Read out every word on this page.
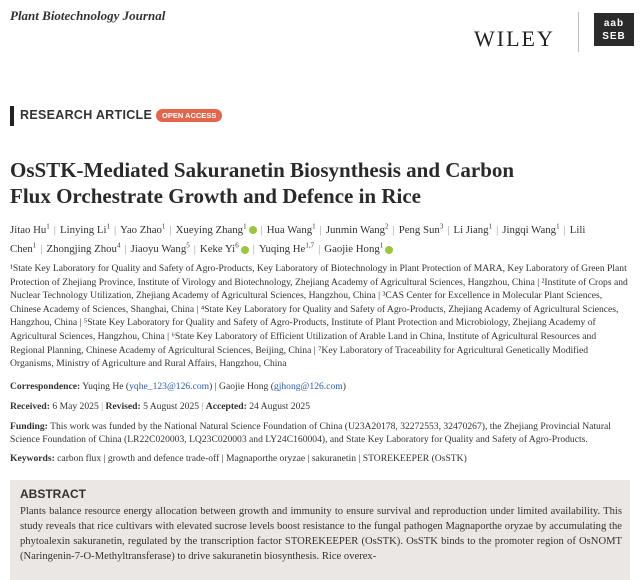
Plant Biotechnology Journal
WILEY
aab
SEB
RESEARCH ARTICLE	OPEN ACCESS
OsSTK-Mediated Sakuranetin Biosynthesis and Carbon
Flux Orchestrate Growth and Defence in Rice
Jitao Hu$^1$ | Linying Li$^1$ | Yao Zhao$^1$ | Xueying Zhang$^1$ | Hua Wang$^1$ | Junmin Wang$^2$ | Peng Sun$^3$ | Li Jiang$^1$ | Jingqi Wang$^1$ | Lili Chen$^1$ | Zhongjing Zhou$^4$ | Jiaoyu Wang$^5$ | Keke Yi$^6$ | Yuqing He$^{1,7}$ | Gaojie Hong$^1$
¹State Key Laboratory for Quality and Safety of Agro-Products, Key Laboratory of Biotechnology in Plant Protection of MARA, Key Laboratory of Green Plant Protection of Zhejiang Province, Institute of Virology and Biotechnology, Zhejiang Academy of Agricultural Sciences, Hangzhou, China | ²Institute of Crops and Nuclear Technology Utilization, Zhejiang Academy of Agricultural Sciences, Hangzhou, China | ³CAS Center for Excellence in Molecular Plant Sciences, Chinese Academy of Sciences, Shanghai, China | ⁴State Key Laboratory for Quality and Safety of Agro-Products, Zhejiang Academy of Agricultural Sciences, Hangzhou, China | ⁵State Key Laboratory for Quality and Safety of Agro-Products, Institute of Plant Protection and Microbiology, Zhejiang Academy of Agricultural Sciences, Hangzhou, China | ⁶State Key Laboratory of Efficient Utilization of Arable Land in China, Institute of Agricultural Resources and Regional Planning, Chinese Academy of Agricultural Sciences, Beijing, China | ⁷Key Laboratory of Traceability for Agricultural Genetically Modified Organisms, Ministry of Agriculture and Rural Affairs, Hangzhou, China
Correspondence: Yuqing He (yqhe_123@126.com) | Gaojie Hong (gjhong@126.com)
Received: 6 May 2025 | Revised: 5 August 2025 | Accepted: 24 August 2025
Funding: This work was funded by the National Natural Science Foundation of China (U23A20178, 32272553, 32470267), the Zhejiang Provincial Natural Science Foundation of China (LR22C020003, LQ23C020003 and LY24C160004), and State Key Laboratory for Quality and Safety of Agro-Products.
Keywords: carbon flux | growth and defence trade-off | Magnaporthe oryzae | sakuranetin | STOREKEEPER (OsSTK)
ABSTRACT
Plants balance resource energy allocation between growth and immunity to ensure survival and reproduction under limited availability. This study reveals that rice cultivars with elevated sucrose levels boost resistance to the fungal pathogen Magnaporthe oryzae by accumulating the phytoalexin sakuranetin, regulated by the transcription factor STOREKEEPER (OsSTK). OsSTK binds to the promoter region of OsNOMT (Naringenin-7-O-Methyltransferase) to drive sakuranetin biosynthesis. Rice overex-
